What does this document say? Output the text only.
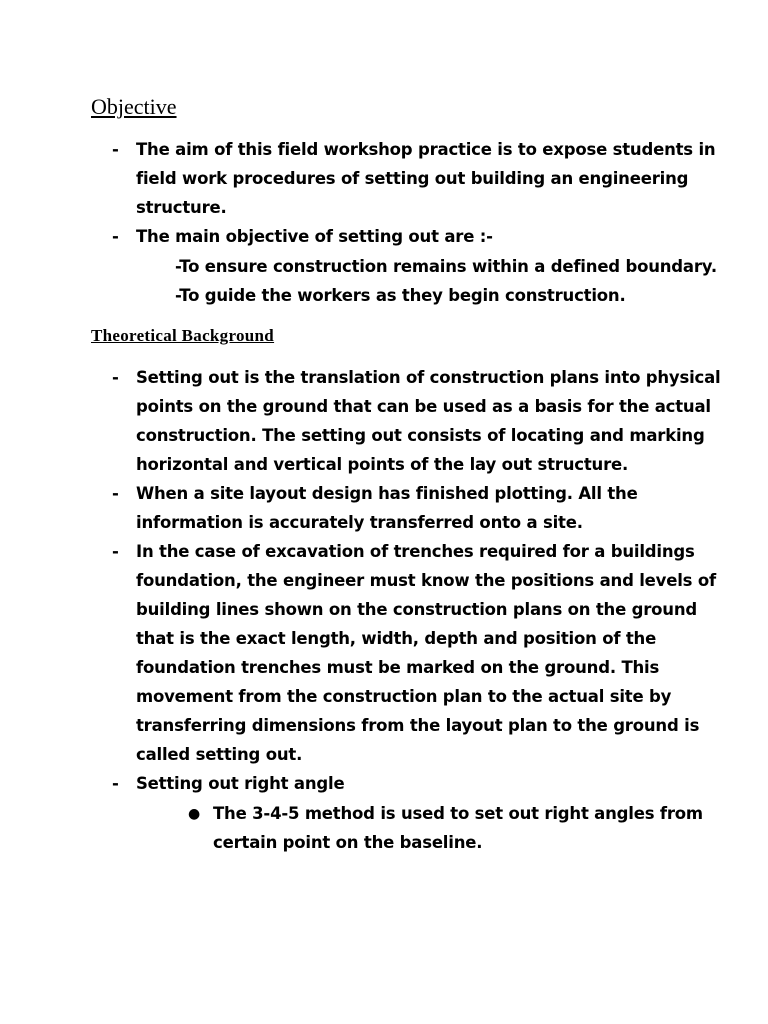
Objective
- The aim of this field workshop practice is to expose students in
field work procedures of setting out building an engineering
structure.
- The main objective of setting out are :-
-To ensure construction remains within a defined boundary.
-To guide the workers as they begin construction.
Theoretical Background
- Setting out is the translation of construction plans into physical
points on the ground that can be used as a basis for the actual
construction. The setting out consists of locating and marking
horizontal and vertical points of the lay out structure.
- When a site layout design has finished plotting. All the
information is accurately transferred onto a site.
- In the case of excavation of trenches required for a buildings
foundation, the engineer must know the positions and levels of
building lines shown on the construction plans on the ground
that is the exact length, width, depth and position of the
foundation trenches must be marked on the ground. This
movement from the construction plan to the actual site by
transferring dimensions from the layout plan to the ground is
called setting out.
- Setting out right angle
● The 3-4-5 method is used to set out right angles from
certain point on the baseline.
